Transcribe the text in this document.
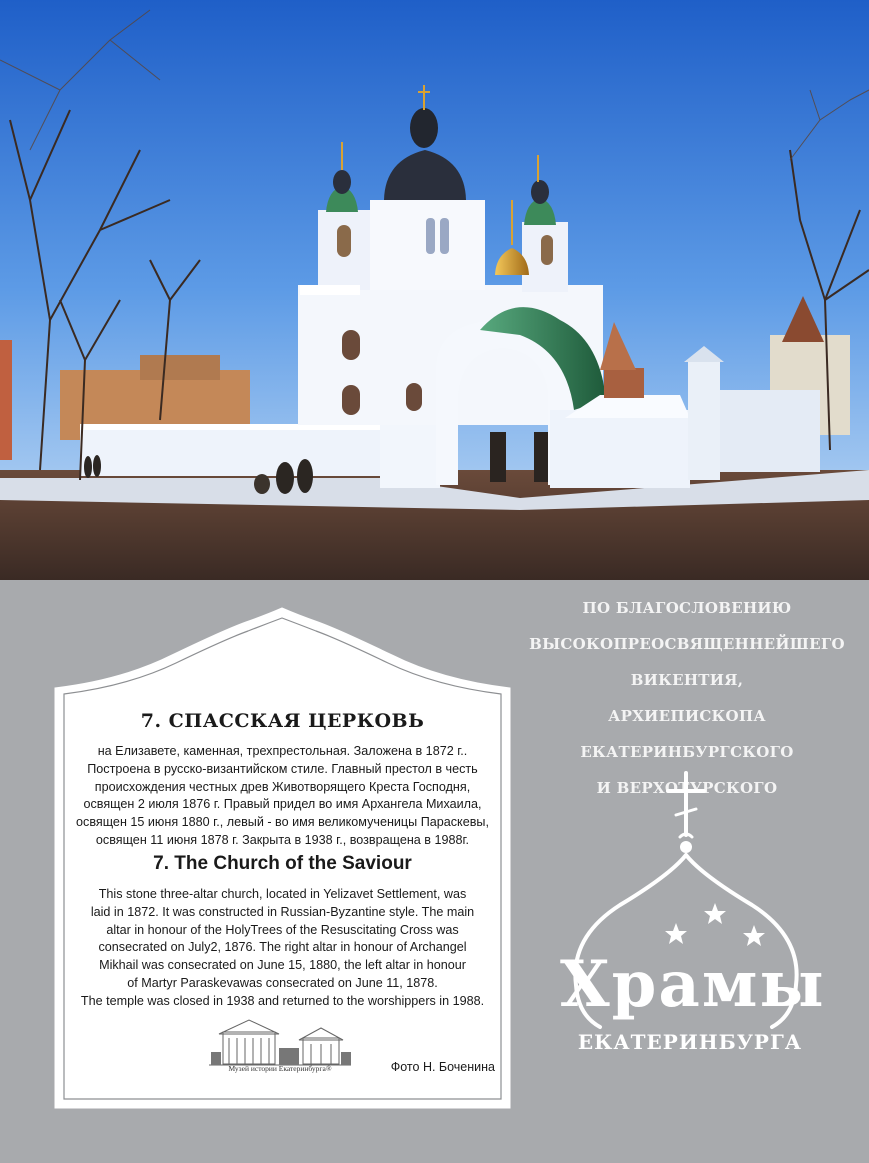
7. СПАССКАЯ ЦЕРКОВЬ
на Елизавете, каменная, трехпрестольная. Заложена в 1872 г..
Построена в русско-византийском стиле. Главный престол в честь
происхождения честных древ Животворящего Креста Господня,
освящен 2 июля 1876 г. Правый придел во имя Архангела Михаила,
освящен 15 июня 1880 г., левый - во имя великомученицы Параскевы,
освящен 11 июня 1878 г. Закрыта в 1938 г., возвращена в 1988г.
7. The Church of the Saviour
This stone three-altar church, located in Yelizavet Settlement, was
laid in 1872. It was constructed in Russian-Byzantine style. The main
altar in honour of the HolyTrees of the Resuscitating Cross was
consecrated on July2, 1876. The right altar in honour of Archangel
Mikhail was consecrated on June 15, 1880, the left altar in honour
of Martyr Paraskevawas consecrated on June 11, 1878.
The temple was closed in 1938 and returned to the worshippers in 1988.
Музей истории Екатеринбурга®	Фото Н. Боченина
ПО БЛАГОСЛОВЕНИЮ
ВЫСОКОПРЕОСВЯЩЕННЕЙШЕГО ВИКЕНТИЯ,
АРХИЕПИСКОПА ЕКАТЕРИНБУРГСКОГО
И ВЕРХОТУРСКОГО
Храмы
ЕКАТЕРИНБУРГА
